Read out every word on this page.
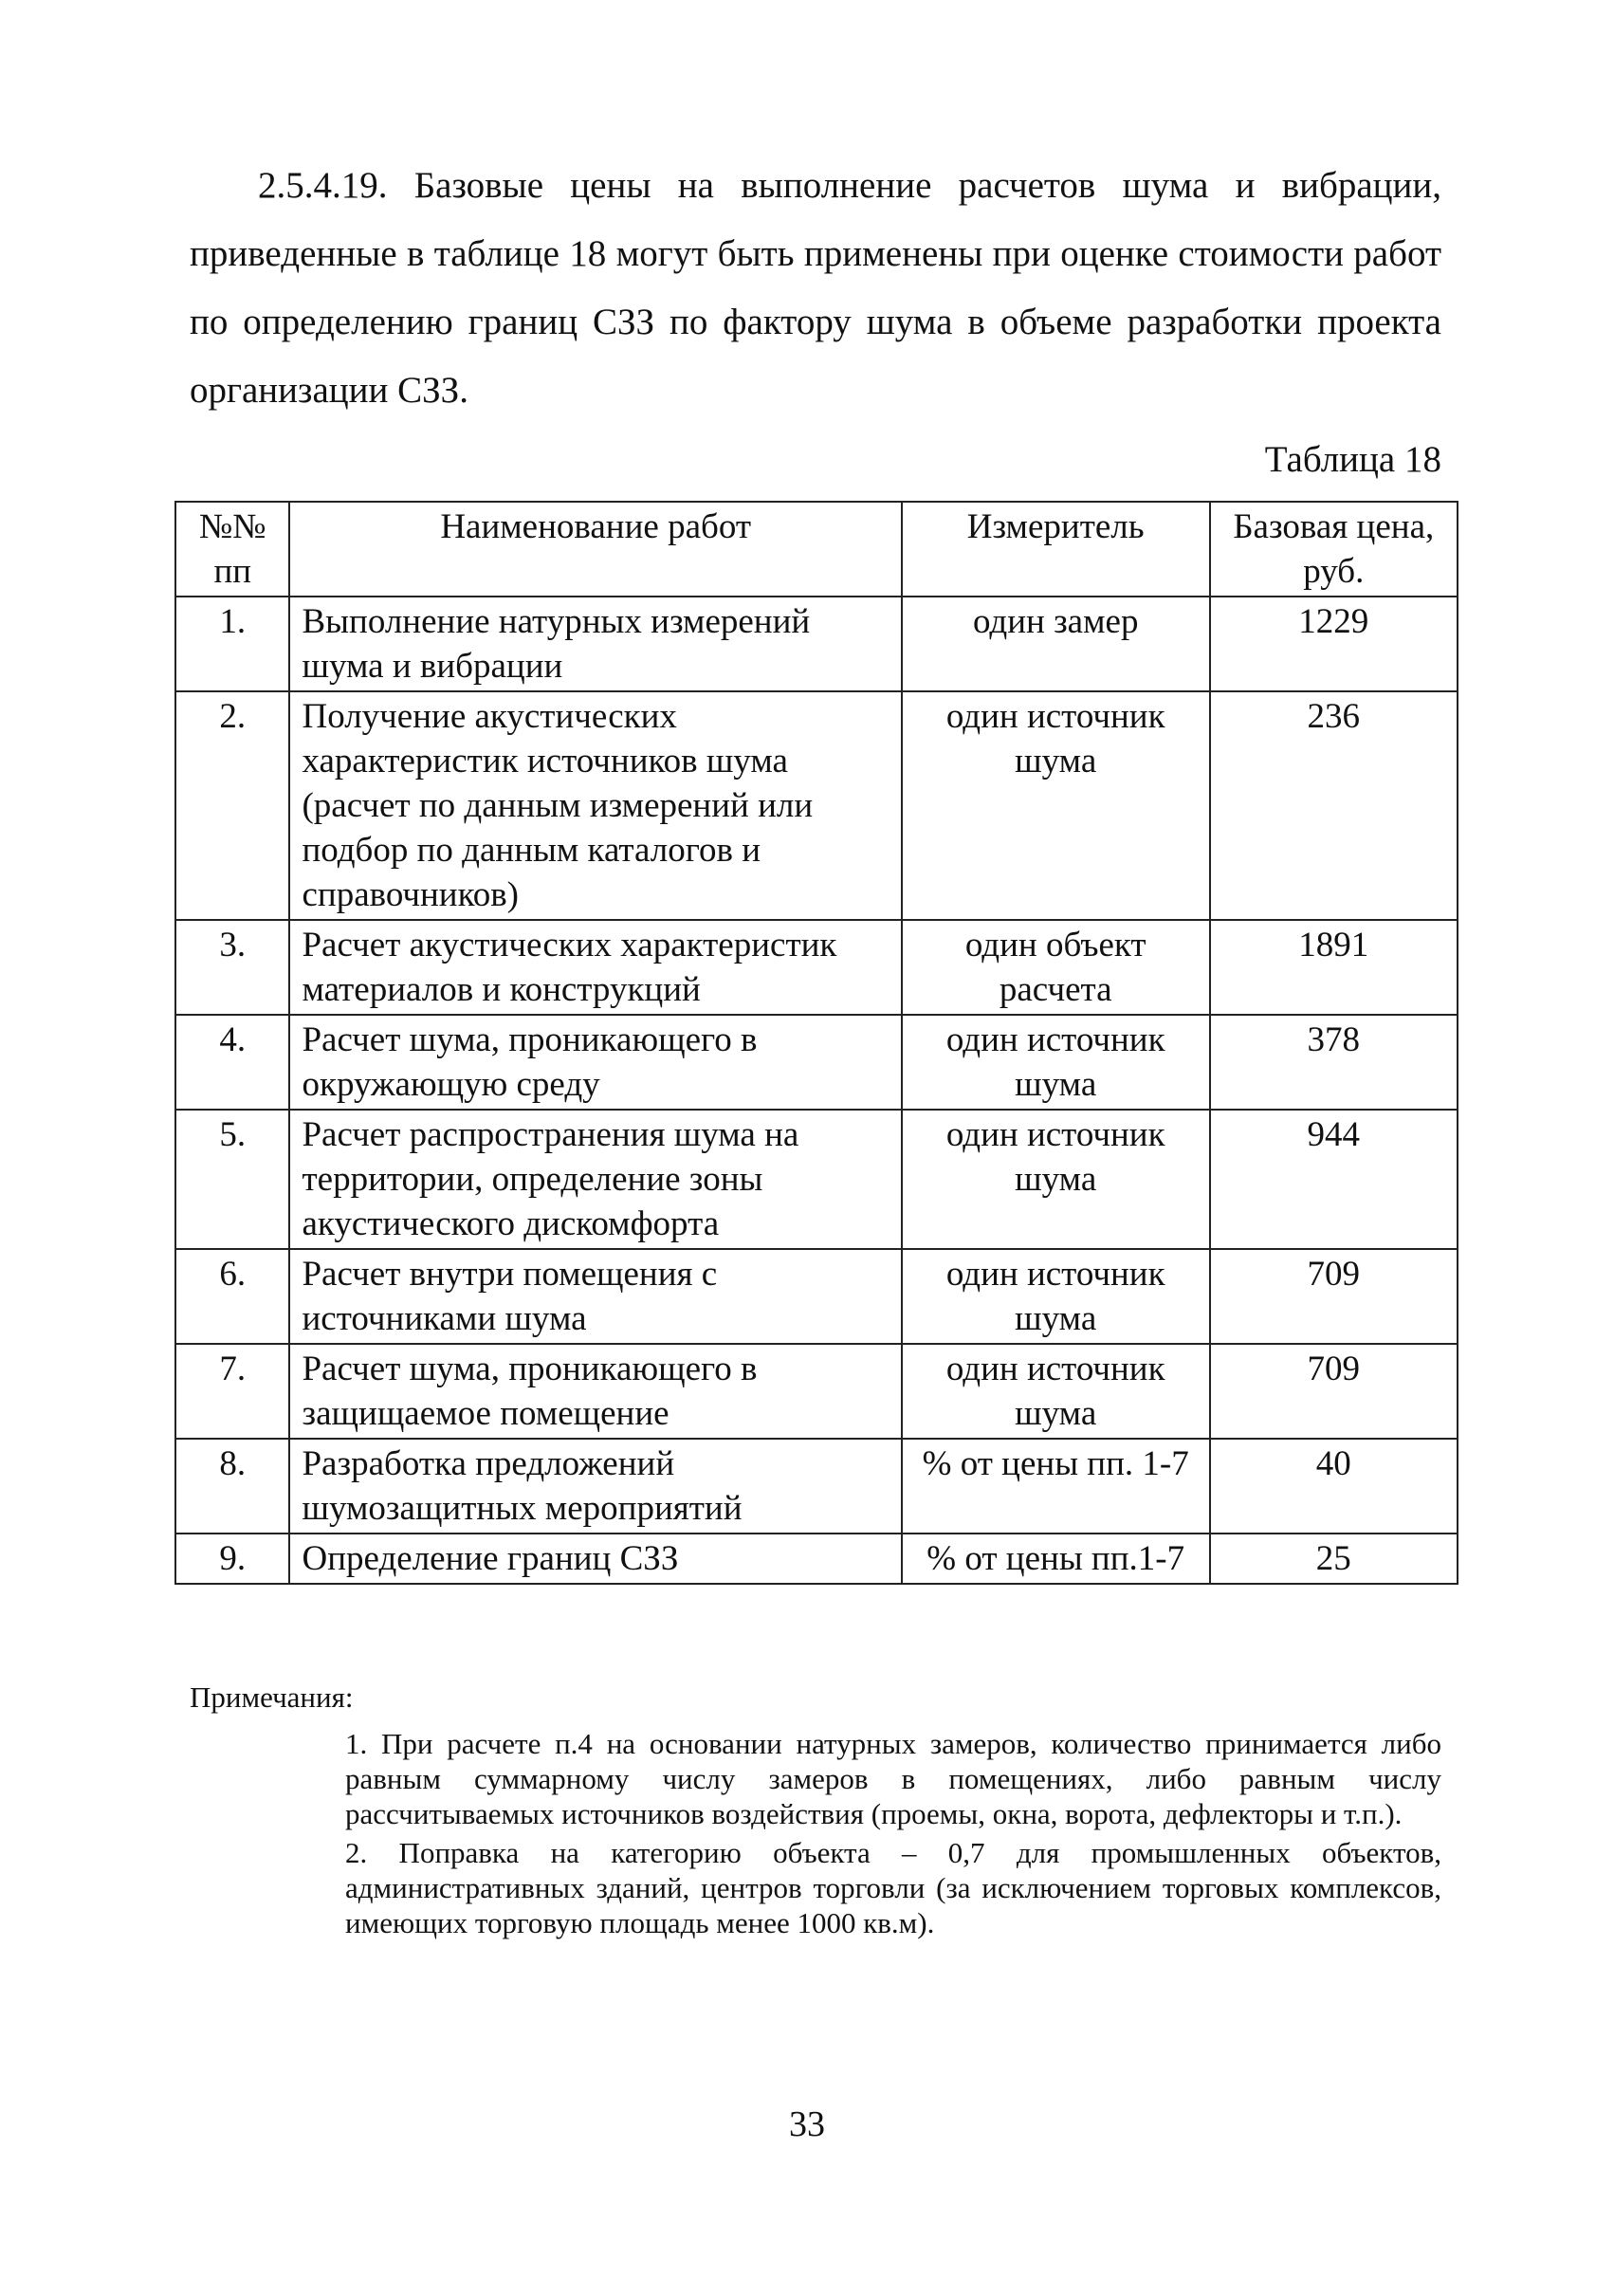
2.5.4.19. Базовые цены на выполнение расчетов шума и вибрации, приведенные в таблице 18 могут быть применены при оценке стоимости работ по определению границ СЗЗ по фактору шума в объеме разработки проекта организации СЗЗ.

Таблица 18
№№ пп	Наименование работ	Измеритель	Базовая цена, руб.
1.	Выполнение натурных измерений шума и вибрации	один замер	1229
2.	Получение акустических характеристик источников шума (расчет по данным измерений или подбор по данным каталогов и справочников)	один источник шума	236
3.	Расчет акустических характеристик материалов и конструкций	один объект расчета	1891
4.	Расчет шума, проникающего в окружающую среду	один источник шума	378
5.	Расчет распространения шума на территории, определение зоны акустического дискомфорта	один источник шума	944
6.	Расчет внутри помещения с источниками шума	один источник шума	709
7.	Расчет шума, проникающего в защищаемое помещение	один источник шума	709
8.	Разработка предложений шумозащитных мероприятий	% от цены пп. 1-7	40
9.	Определение границ СЗЗ	% от цены пп.1-7	25
Примечания:

1. При расчете п.4 на основании натурных замеров, количество принимается либо равным суммарному числу замеров в помещениях, либо равным числу рассчитываемых источников воздействия (проемы, окна, ворота, дефлекторы и т.п.).

2. Поправка на категорию объекта – 0,7 для промышленных объектов, административных зданий, центров торговли (за исключением торговых комплексов, имеющих торговую площадь менее 1000 кв.м).

33
